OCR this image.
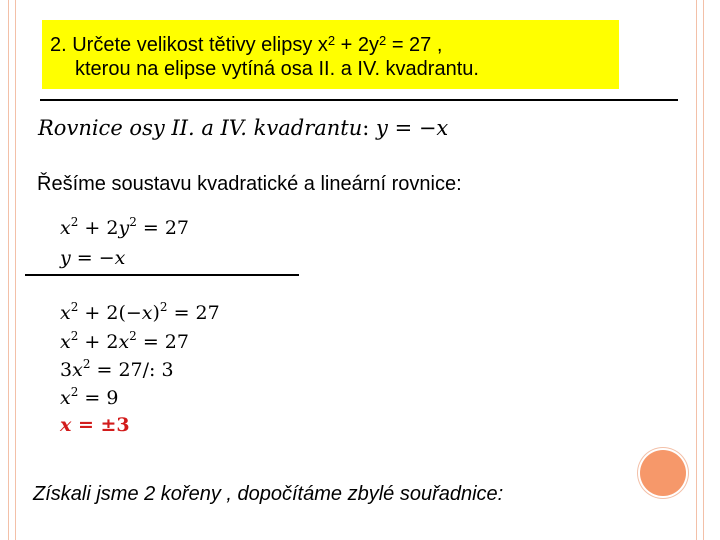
2. Určete velikost tětivy elipsy $x^2 + 2y^2 = 27$ ,
kterou na elipse vytíná osa II. a IV. kvadrantu.
Rovnice osy II. a IV. kvadrantu: y = −x
Řešíme soustavu kvadratické a lineární rovnice:
$x^2 + 2y^2 = 27$
y = −x
$x^2 + 2(-x)^2 = 27$
$x^2 + 2x^2 = 27$
$3x^2 = 27/$: 3
$x^2 = 9$
x = ±3
Získali jsme 2 kořeny , dopočítáme zbylé souřadnice:
